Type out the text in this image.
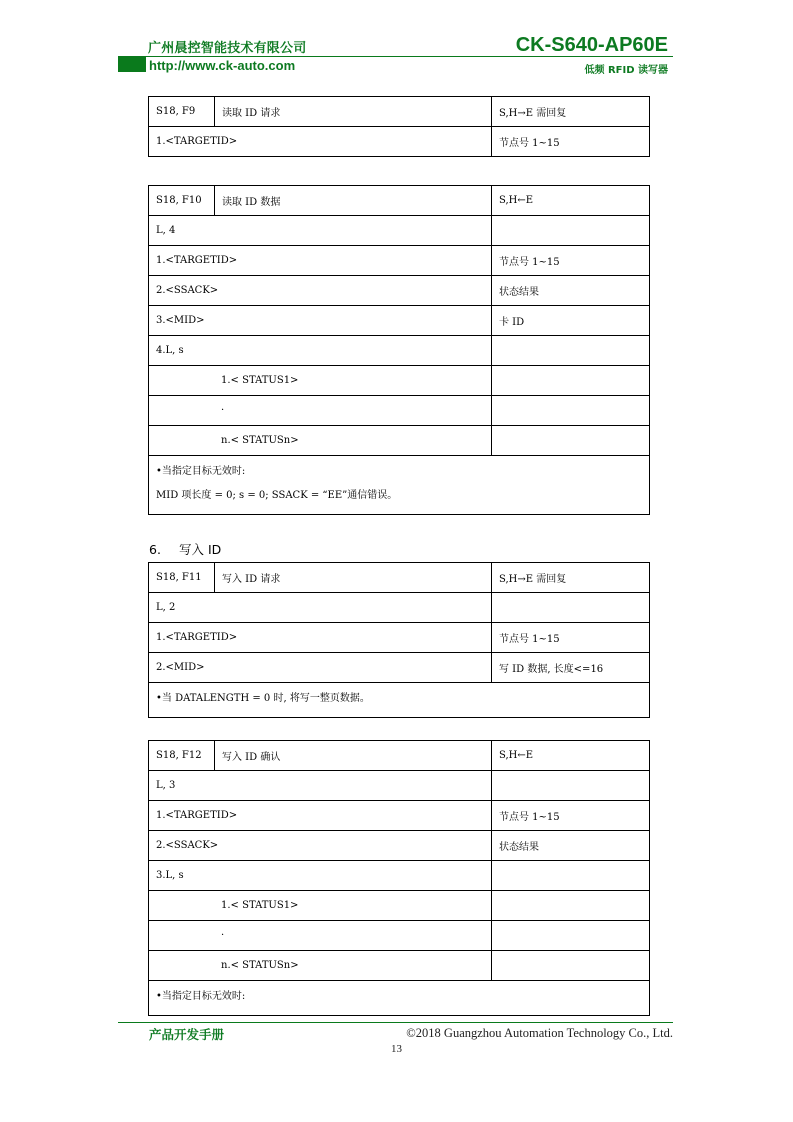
广州晨控智能技术有限公司	CK-S640-AP60E
http://www.ck-auto.com	低频 RFID 读写器
S18, F9	读取 ID 请求	S,H→E 需回复
1.<TARGETID>		节点号 1~15
S18, F10	读取 ID 数据	S,H←E
L, 4		
1.<TARGETID>		节点号 1~15
2.<SSACK>		状态结果
3.<MID>		卡 ID
4.L, s		
1.< STATUS1>		
·		
n.< STATUSn>		

•当指定目标无效时:
MID 项长度 = 0; s = 0; SSACK = “EE”通信错误。		
6. 写入 ID
S18, F11	写入 ID 请求	S,H→E 需回复
L, 2		
1.<TARGETID>		节点号 1~15
2.<MID>		写 ID 数据, 长度<=16

•当 DATALENGTH = 0 时, 将写一整页数据。		
S18, F12	写入 ID 确认	S,H←E
L, 3		
1.<TARGETID>		节点号 1~15
2.<SSACK>		状态结果
3.L, s		
1.< STATUS1>		
·		
n.< STATUSn>		

•当指定目标无效时:		
产品开发手册	©2018 Guangzhou Automation Technology Co., Ltd.
13
